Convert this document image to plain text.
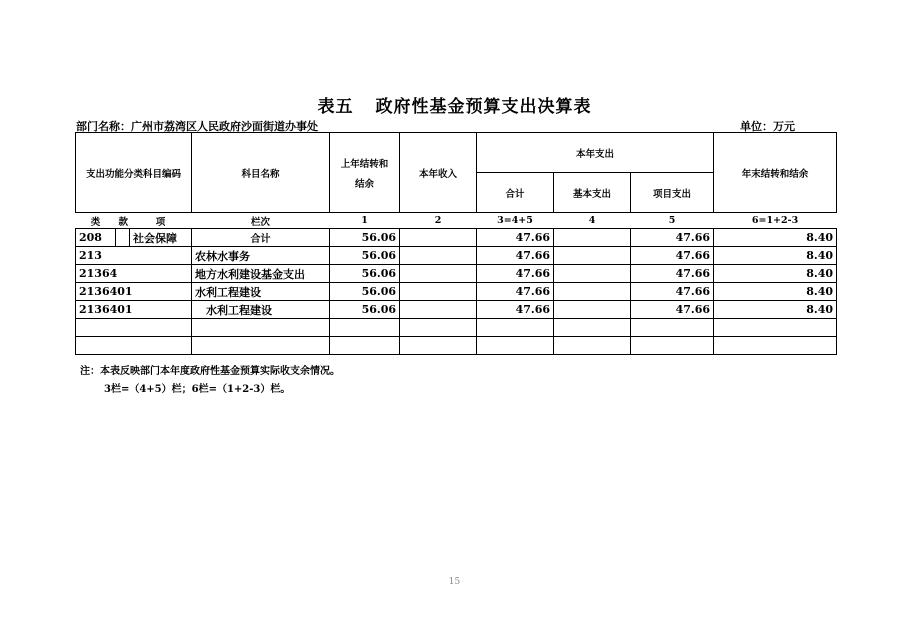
表五 政府性基金预算支出决算表
部门名称：广州市荔湾区人民政府沙面街道办事处	单位：万元
支出功能分类科目编码			科目名称	上年结转和
结余	本年收入	本年支出			年末结转和结余
						合计	基本支出	项目支出	
类	款	项	栏次	1	2	3=4+5	4	5	6=1+2-3
208		社会保障	合计	56.06		47.66		47.66	8.40
213			农林水事务	56.06		47.66		47.66	8.40
21364			地方水利建设基金支出	56.06		47.66		47.66	8.40
2136401			水利工程建设	56.06		47.66		47.66	8.40
2136401			水利工程建设	56.06		47.66		47.66	8.40

注：本表反映部门本年度政府性基金预算实际收支余情况。
3栏=（4+5）栏；6栏=（1+2-3）栏。
15
